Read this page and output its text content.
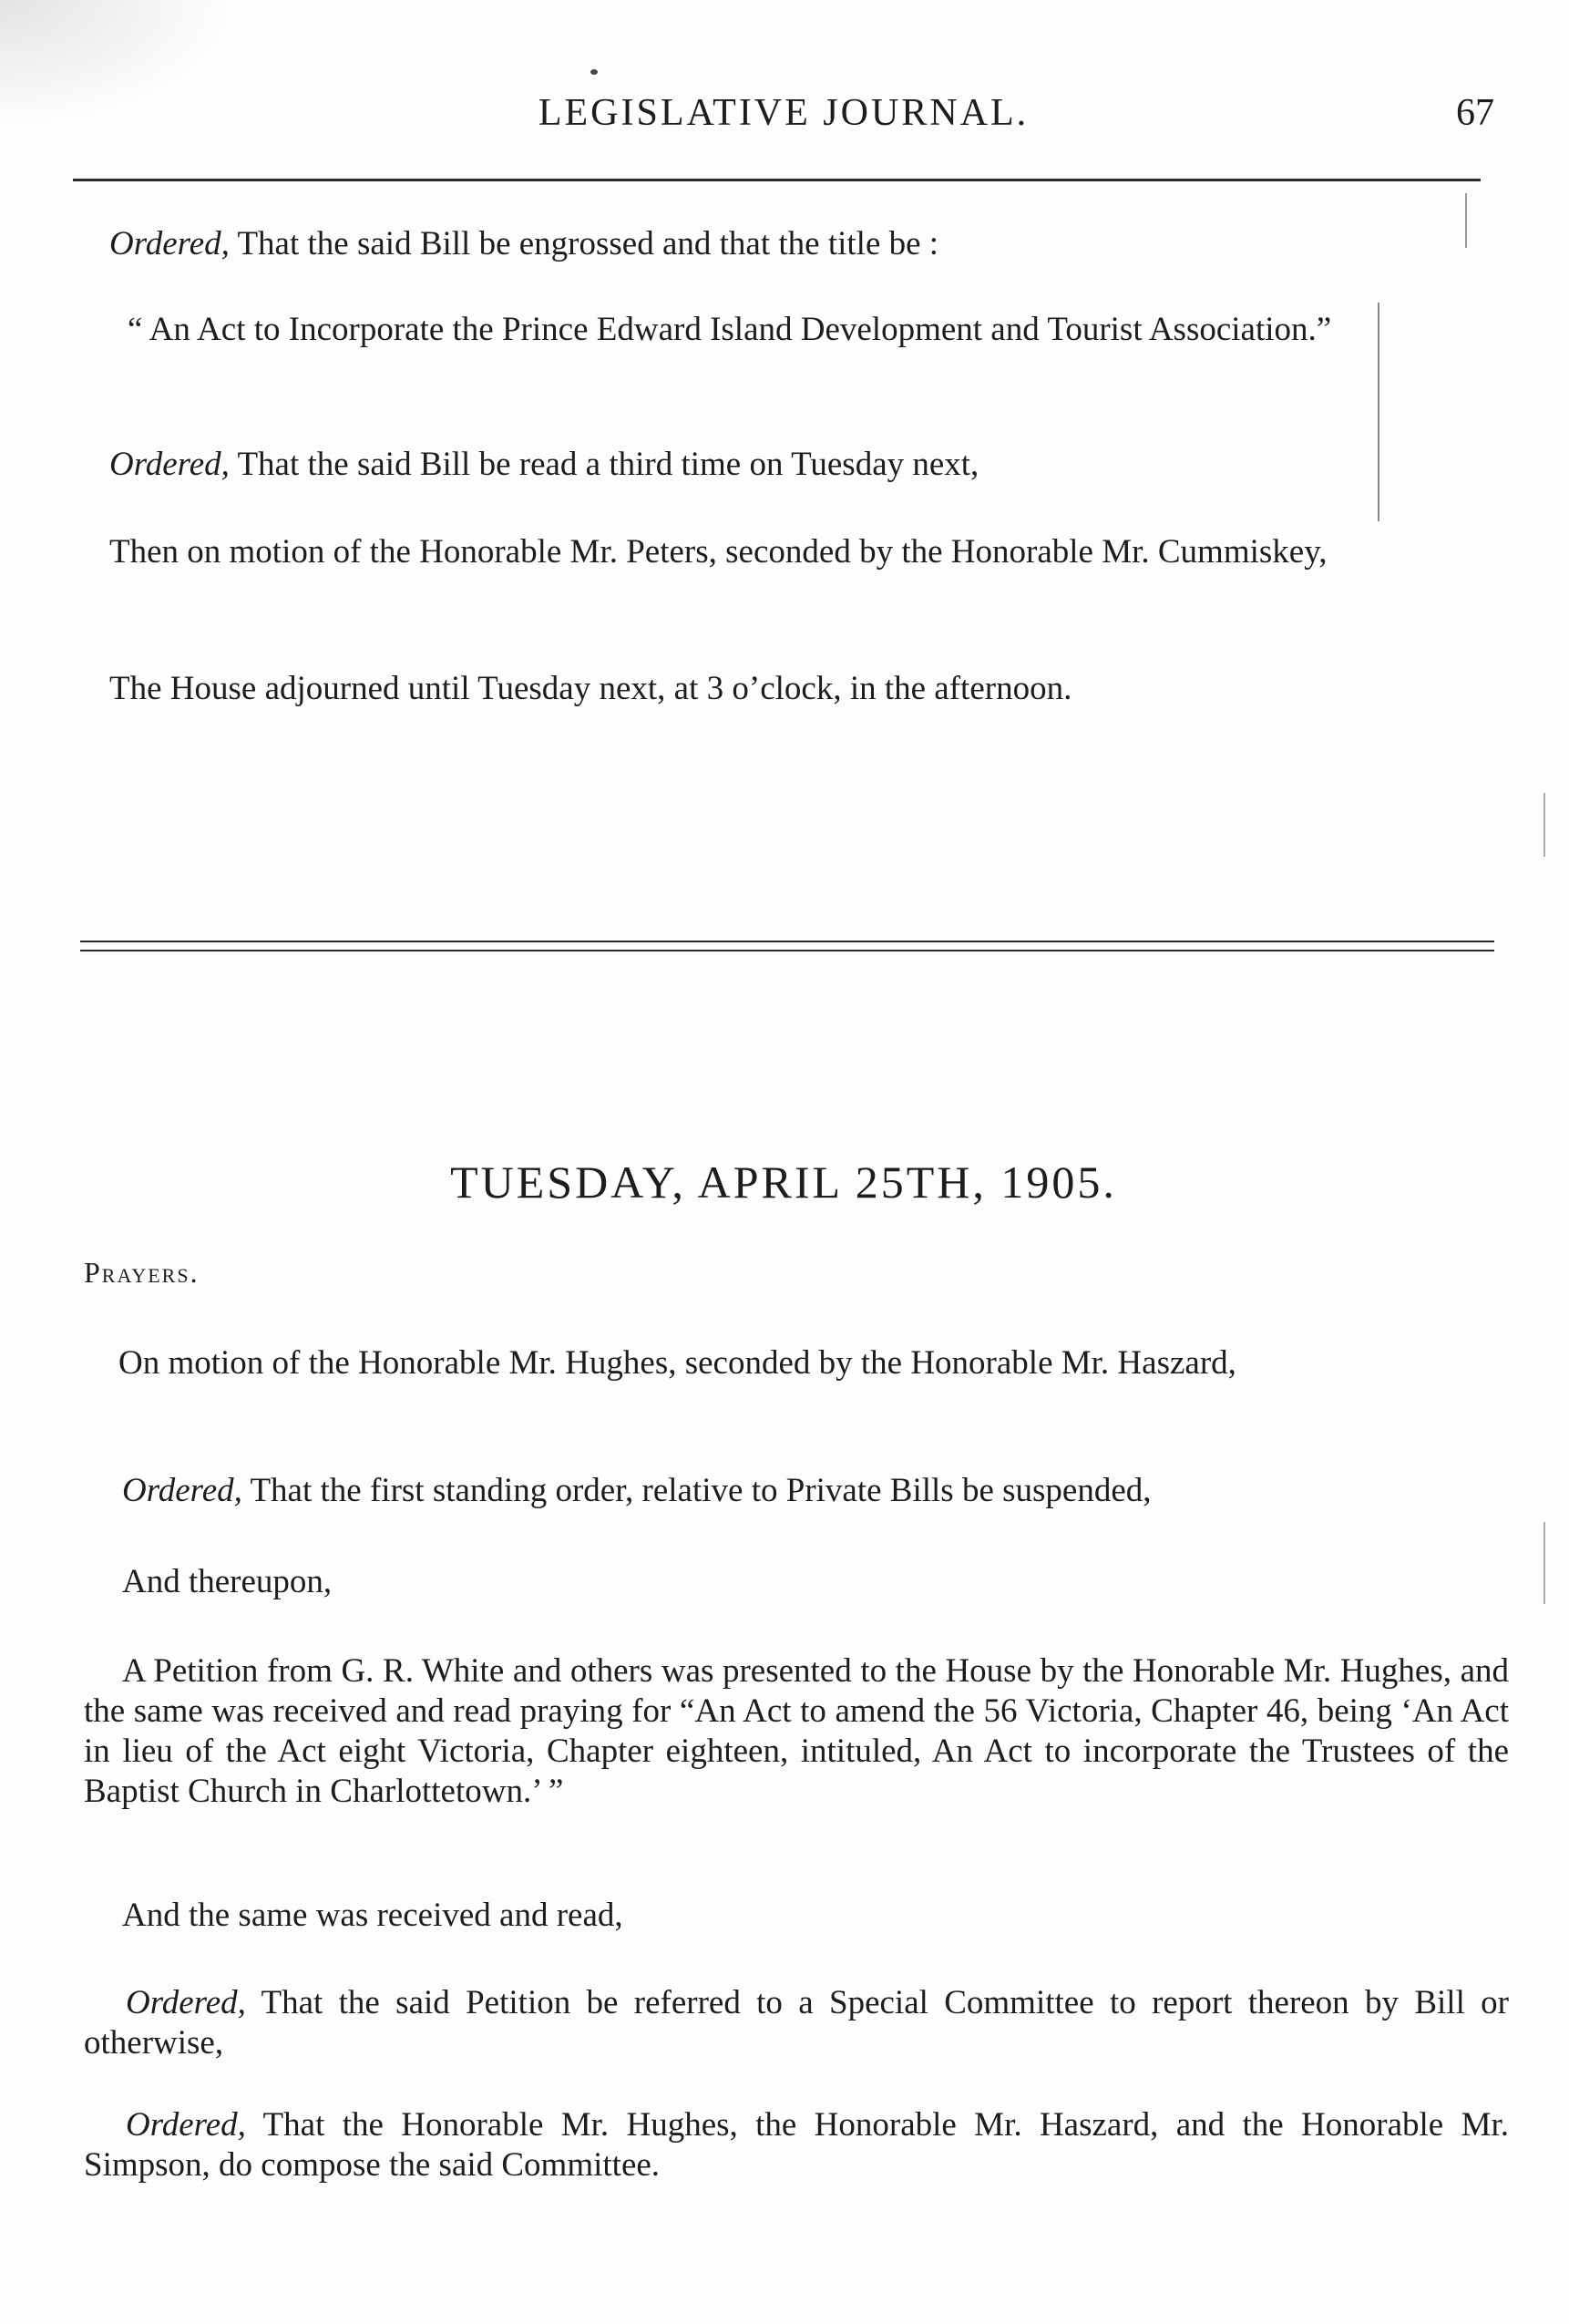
LEGISLATIVE JOURNAL.	67

Ordered, That the said Bill be engrossed and that the title be :

“ An Act to Incorporate the Prince Edward Island Development and Tourist Association.”

Ordered, That the said Bill be read a third time on Tuesday next,

Then on motion of the Honorable Mr. Peters, seconded by the Honorable Mr. Cummiskey,

The House adjourned until Tuesday next, at 3 o’clock, in the afternoon.

TUESDAY, APRIL 25TH, 1905.

Prayers.

On motion of the Honorable Mr. Hughes, seconded by the Honorable Mr. Haszard,

Ordered, That the first standing order, relative to Private Bills be suspended,

And thereupon,

A Petition from G. R. White and others was presented to the House by the Honorable Mr. Hughes, and the same was received and read praying for “An Act to amend the 56 Victoria, Chapter 46, being ‘An Act in lieu of the Act eight Victoria, Chapter eighteen, intituled, An Act to incorporate the Trustees of the Baptist Church in Charlottetown.’ ”

And the same was received and read,

Ordered, That the said Petition be referred to a Special Committee to report thereon by Bill or otherwise,

Ordered, That the Honorable Mr. Hughes, the Honorable Mr. Haszard, and the Honorable Mr. Simpson, do compose the said Committee.
